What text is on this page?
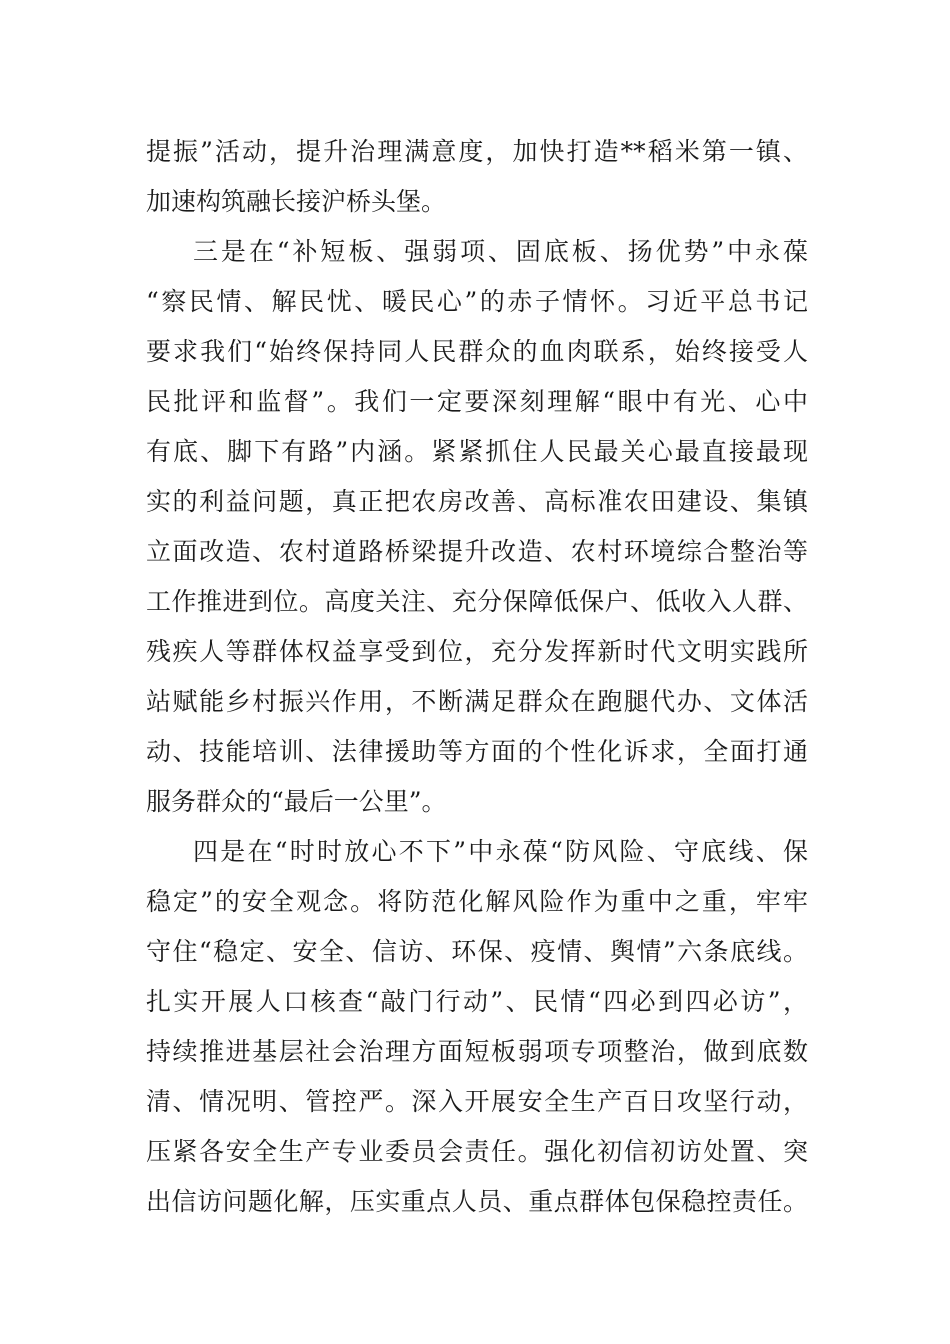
提振”活动，提升治理满意度，加快打造**稻米第一镇、
加速构筑融长接沪桥头堡。
三是在“补短板、强弱项、固底板、扬优势”中永葆
“察民情、解民忧、暖民心”的赤子情怀。习近平总书记
要求我们“始终保持同人民群众的血肉联系，始终接受人
民批评和监督”。我们一定要深刻理解“眼中有光、心中
有底、脚下有路”内涵。紧紧抓住人民最关心最直接最现
实的利益问题，真正把农房改善、高标准农田建设、集镇
立面改造、农村道路桥梁提升改造、农村环境综合整治等
工作推进到位。高度关注、充分保障低保户、低收入人群、
残疾人等群体权益享受到位，充分发挥新时代文明实践所
站赋能乡村振兴作用，不断满足群众在跑腿代办、文体活
动、技能培训、法律援助等方面的个性化诉求，全面打通
服务群众的“最后一公里”。
四是在“时时放心不下”中永葆“防风险、守底线、保
稳定”的安全观念。将防范化解风险作为重中之重，牢牢
守住“稳定、安全、信访、环保、疫情、舆情”六条底线。
扎实开展人口核查“敲门行动”、民情“四必到四必访”，
持续推进基层社会治理方面短板弱项专项整治，做到底数
清、情况明、管控严。深入开展安全生产百日攻坚行动，
压紧各安全生产专业委员会责任。强化初信初访处置、突
出信访问题化解，压实重点人员、重点群体包保稳控责任。
